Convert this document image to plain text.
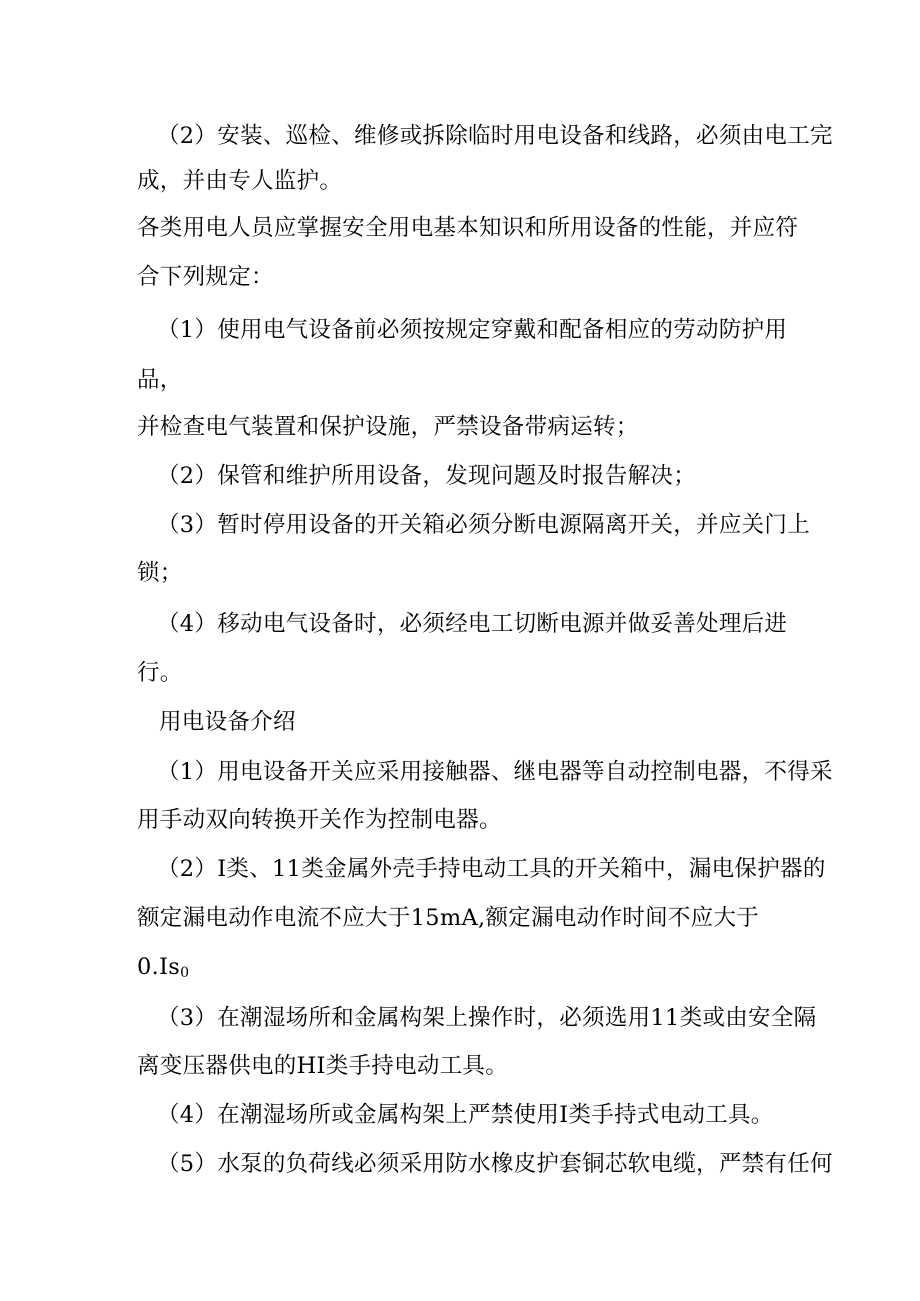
（2）安装、巡检、维修或拆除临时用电设备和线路，必须由电工完
成，并由专人监护。
各类用电人员应掌握安全用电基本知识和所用设备的性能，并应符
合下列规定：
（1）使用电气设备前必须按规定穿戴和配备相应的劳动防护用
品，
并检查电气装置和保护设施，严禁设备带病运转；
（2）保管和维护所用设备，发现问题及时报告解决；
（3）暂时停用设备的开关箱必须分断电源隔离开关，并应关门上
锁；
（4）移动电气设备时，必须经电工切断电源并做妥善处理后进
行。
用电设备介绍
（1）用电设备开关应采用接触器、继电器等自动控制电器，不得采
用手动双向转换开关作为控制电器。
（2）I类、11类金属外壳手持电动工具的开关箱中，漏电保护器的
额定漏电动作电流不应大于15mA,额定漏电动作时间不应大于
$0.Is_0$
（3）在潮湿场所和金属构架上操作时，必须选用11类或由安全隔
离变压器供电的HI类手持电动工具。
（4）在潮湿场所或金属构架上严禁使用I类手持式电动工具。
（5）水泵的负荷线必须采用防水橡皮护套铜芯软电缆，严禁有任何
